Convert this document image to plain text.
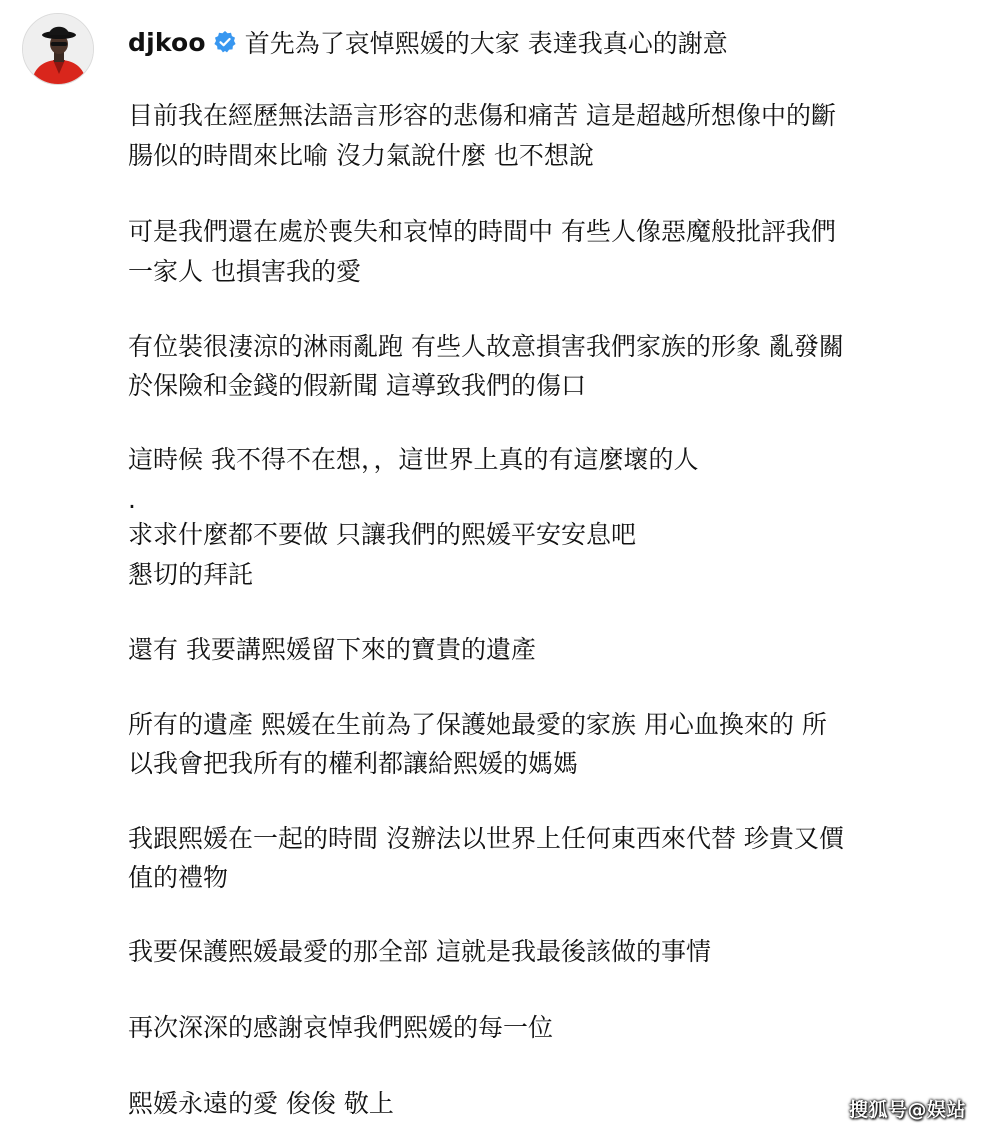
djkoo 首先為了哀悼熙媛的大家 表達我真心的謝意
目前我在經歷無法語言形容的悲傷和痛苦 這是超越所想像中的斷
腸似的時間來比喻 沒力氣說什麼 也不想說
可是我們還在處於喪失和哀悼的時間中 有些人像惡魔般批評我們
一家人 也損害我的愛
有位裝很淒涼的淋雨亂跑 有些人故意損害我們家族的形象 亂發關
於保險和金錢的假新聞 這導致我們的傷口
這時候 我不得不在想，，這世界上真的有這麼壞的人
.
求求什麼都不要做 只讓我們的熙媛平安安息吧
懇切的拜託
還有 我要講熙媛留下來的寶貴的遺產
所有的遺產 熙媛在生前為了保護她最愛的家族 用心血換來的 所
以我會把我所有的權利都讓給熙媛的媽媽
我跟熙媛在一起的時間 沒辦法以世界上任何東西來代替 珍貴又價
值的禮物
我要保護熙媛最愛的那全部 這就是我最後該做的事情
再次深深的感謝哀悼我們熙媛的每一位
熙媛永遠的愛 俊俊 敬上	搜狐号@娱站
